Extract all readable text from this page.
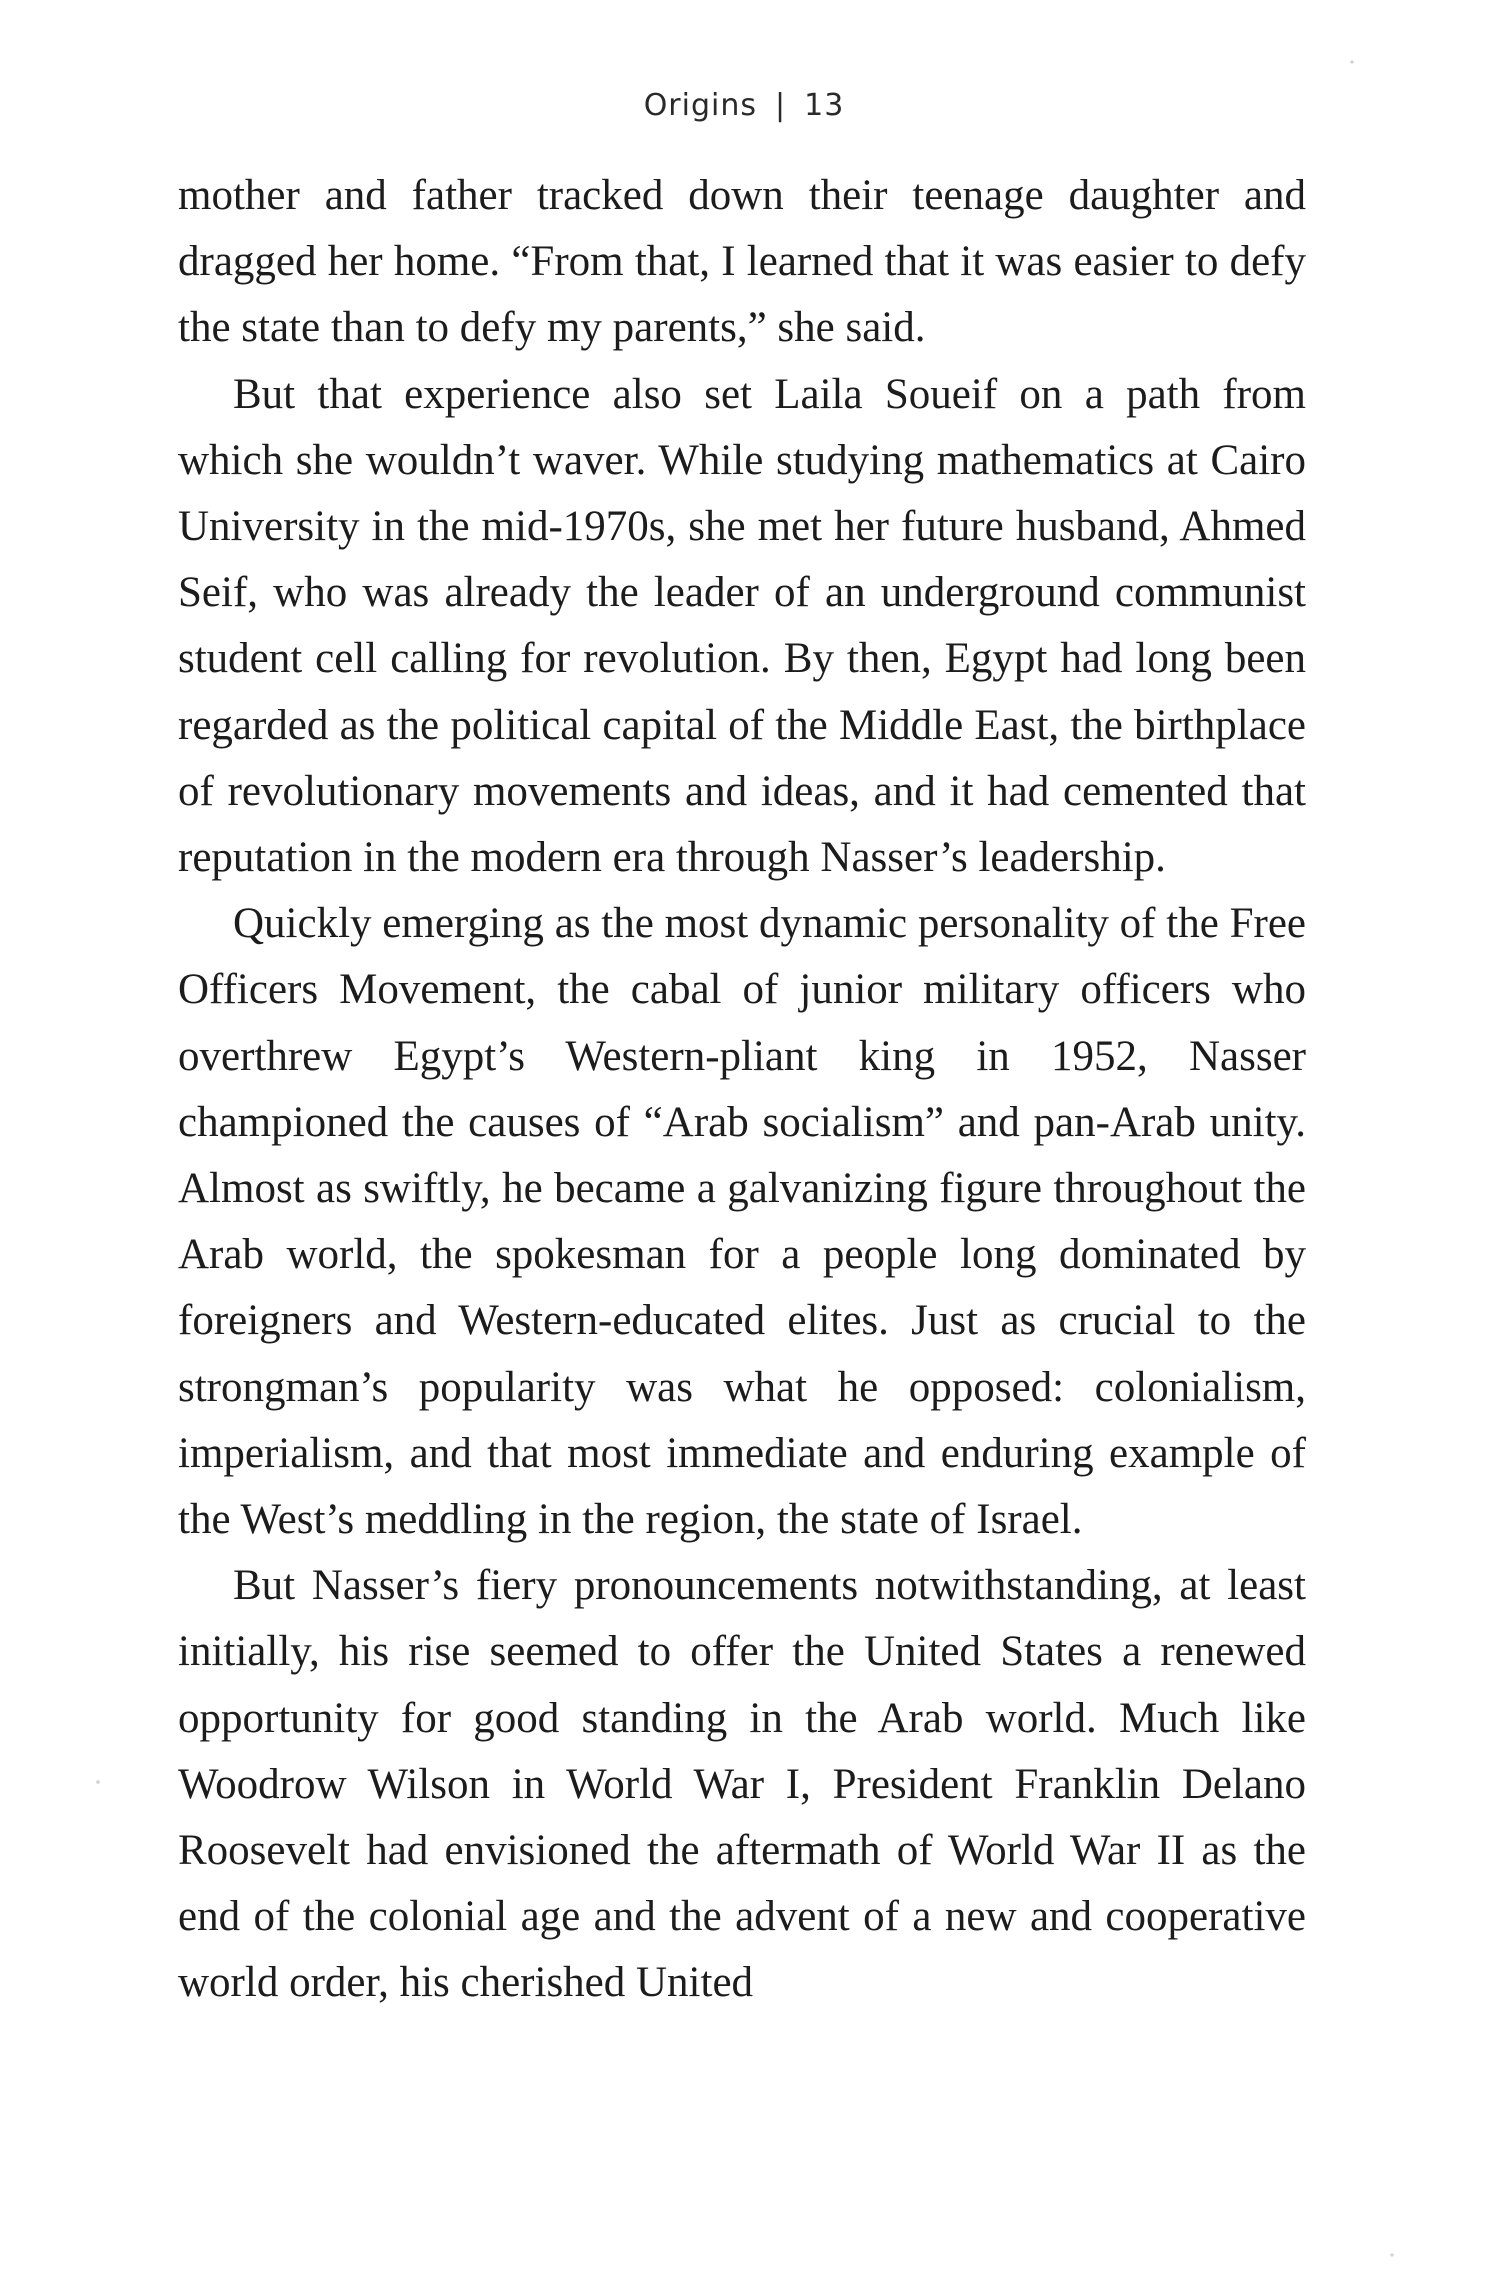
Origins | 13

mother and father tracked down their teenage daughter and dragged her home. “From that, I learned that it was easier to defy the state than to defy my parents,” she said.

But that experience also set Laila Soueif on a path from which she wouldn’t waver. While studying mathematics at Cairo University in the mid-1970s, she met her future husband, Ahmed Seif, who was already the leader of an underground communist student cell calling for revolution. By then, Egypt had long been regarded as the political capital of the Middle East, the birthplace of revolutionary movements and ideas, and it had cemented that reputation in the modern era through Nasser’s leadership.

Quickly emerging as the most dynamic personality of the Free Officers Movement, the cabal of junior military officers who overthrew Egypt’s Western-pliant king in 1952, Nasser championed the causes of “Arab socialism” and pan-Arab unity. Almost as swiftly, he became a galvanizing figure throughout the Arab world, the spokesman for a people long dominated by foreigners and Western-educated elites. Just as crucial to the strongman’s popularity was what he opposed: colonialism, imperialism, and that most immediate and enduring example of the West’s meddling in the region, the state of Israel.

But Nasser’s fiery pronouncements notwithstanding, at least initially, his rise seemed to offer the United States a renewed opportunity for good standing in the Arab world. Much like Woodrow Wilson in World War I, President Franklin Delano Roosevelt had envisioned the aftermath of World War II as the end of the colonial age and the advent of a new and cooperative world order, his cherished United
